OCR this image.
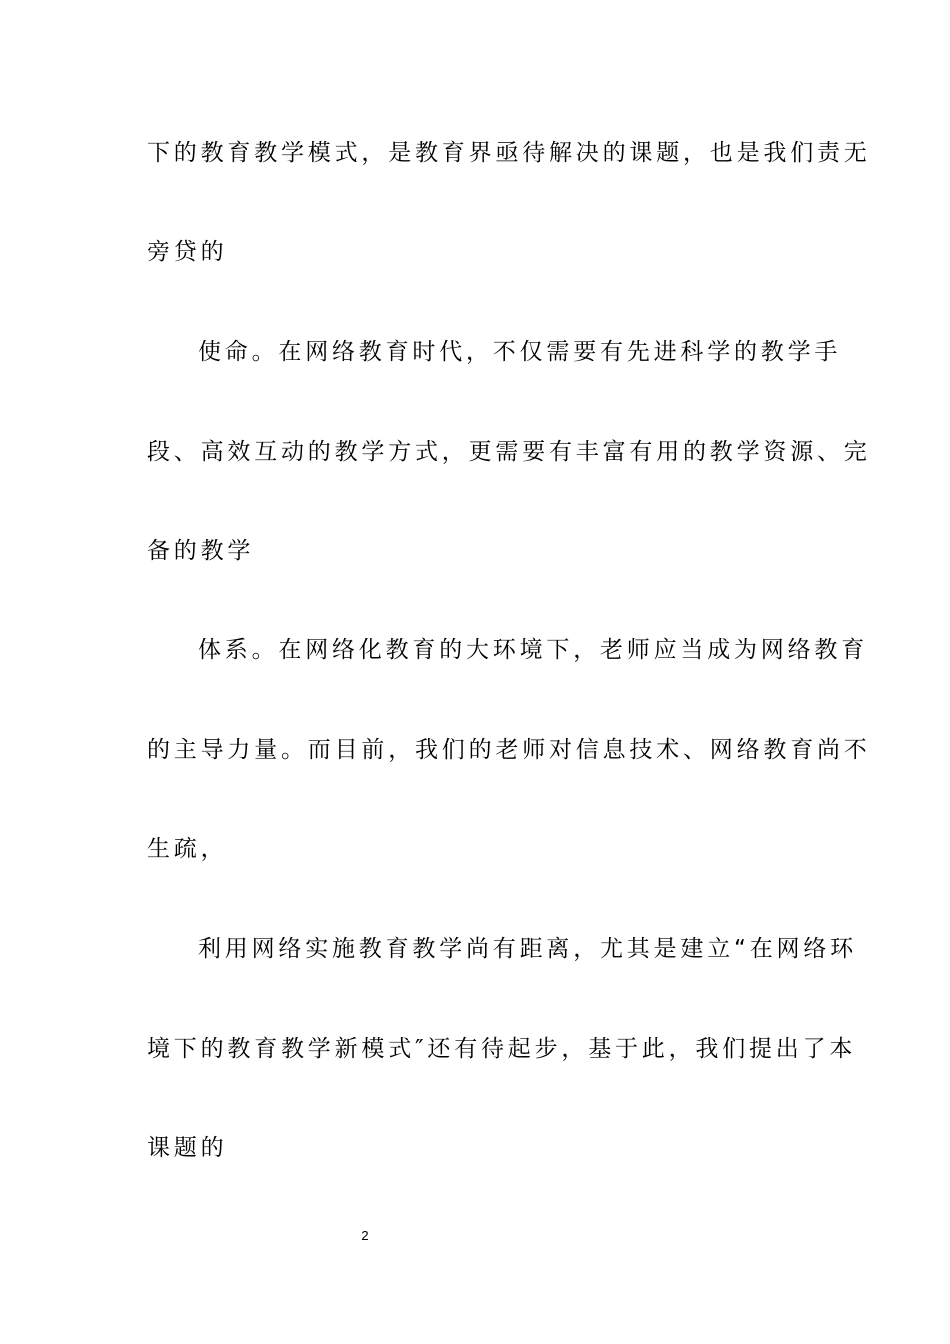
下的教育教学模式，是教育界亟待解决的课题，也是我们责无
旁贷的
使命。在网络教育时代，不仅需要有先进科学的教学手
段、高效互动的教学方式，更需要有丰富有用的教学资源、完
备的教学
体系。在网络化教育的大环境下，老师应当成为网络教育
的主导力量。而目前，我们的老师对信息技术、网络教育尚不
生疏，
利用网络实施教育教学尚有距离，尤其是建立“在网络环
境下的教育教学新模式″还有待起步，基于此，我们提出了本
课题的
2
